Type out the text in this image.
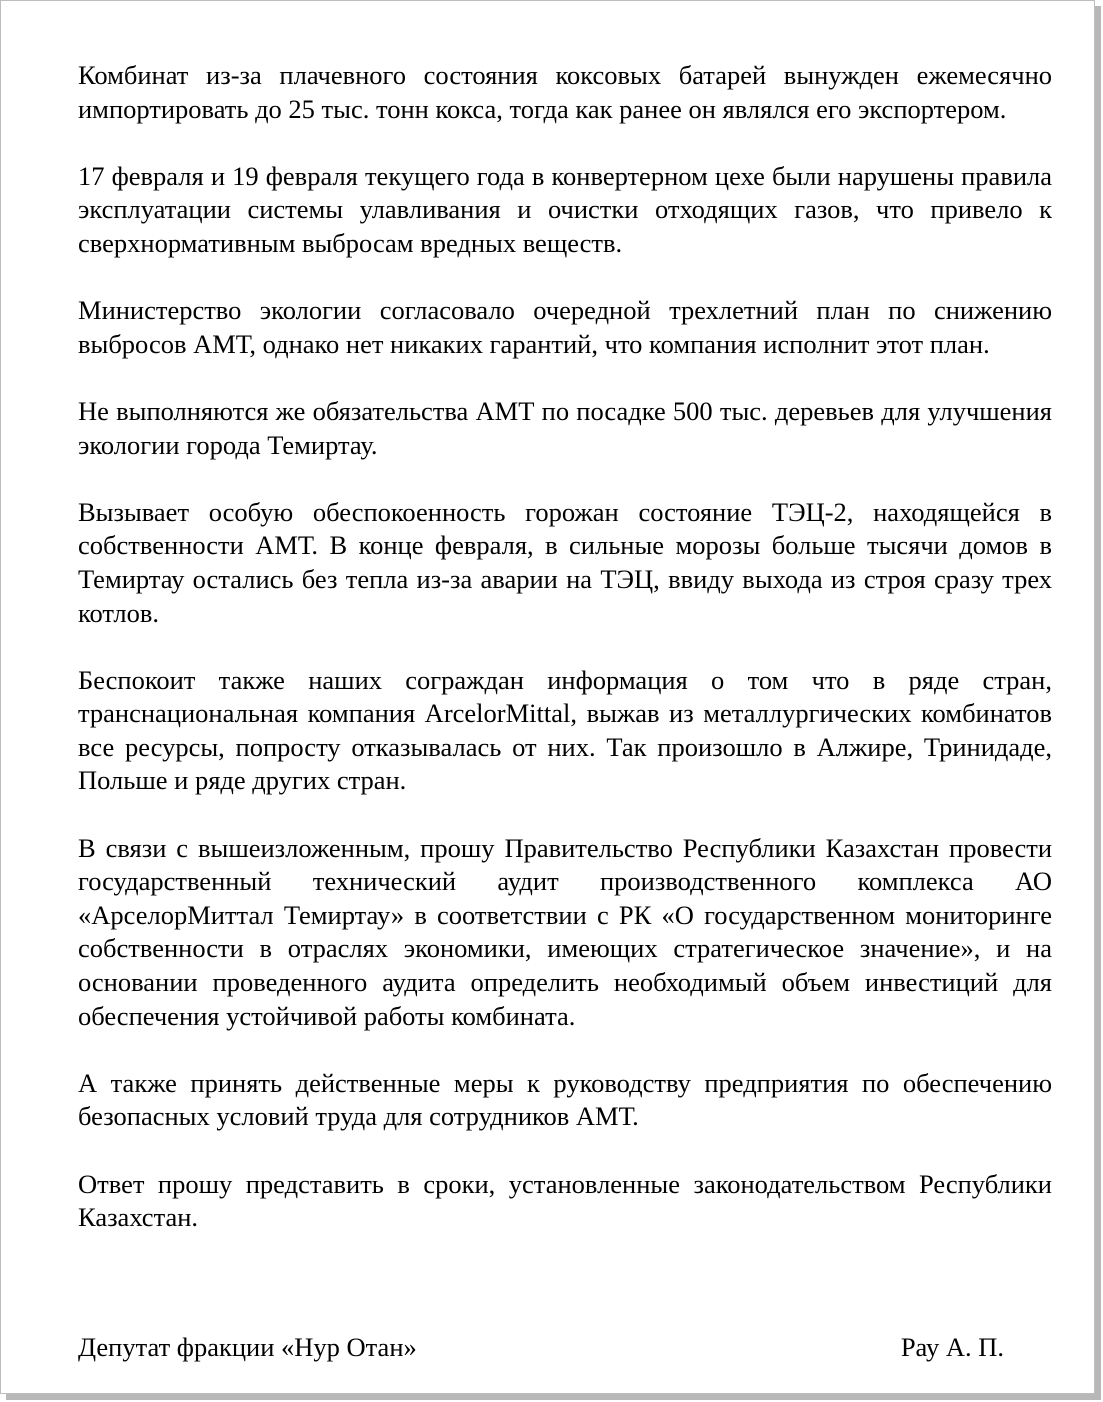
Комбинат из-за плачевного состояния коксовых батарей вынужден ежемесячно импортировать до 25 тыс. тонн кокса, тогда как ранее он являлся его экспортером.

17 февраля и 19 февраля текущего года в конвертерном цехе были нарушены правила эксплуатации системы улавливания и очистки отходящих газов, что привело к сверхнормативным выбросам вредных веществ.

Министерство экологии согласовало очередной трехлетний план по снижению выбросов АМТ, однако нет никаких гарантий, что компания исполнит этот план.

Не выполняются же обязательства АМТ по посадке 500 тыс. деревьев для улучшения экологии города Темиртау.

Вызывает особую обеспокоенность горожан состояние ТЭЦ-2, находящейся в собственности АМТ. В конце февраля, в сильные морозы больше тысячи домов в Темиртау остались без тепла из-за аварии на ТЭЦ, ввиду выхода из строя сразу трех котлов.

Беспокоит также наших сограждан информация о том что в ряде стран, транснациональная компания ArcelorMittal, выжав из металлургических комбинатов все ресурсы, попросту отказывалась от них. Так произошло в Алжире, Тринидаде, Польше и ряде других стран.

В связи с вышеизложенным, прошу Правительство Республики Казахстан провести государственный технический аудит производственного комплекса АО «АрселорМиттал Темиртау» в соответствии с РК «О государственном мониторинге собственности в отраслях экономики, имеющих стратегическое значение», и на основании проведенного аудита определить необходимый объем инвестиций для обеспечения устойчивой работы комбината.

А также принять действенные меры к руководству предприятия по обеспечению безопасных условий труда для сотрудников АМТ.

Ответ прошу представить в сроки, установленные законодательством Республики Казахстан.

Депутат фракции «Нур Отан»	Рау А. П.
